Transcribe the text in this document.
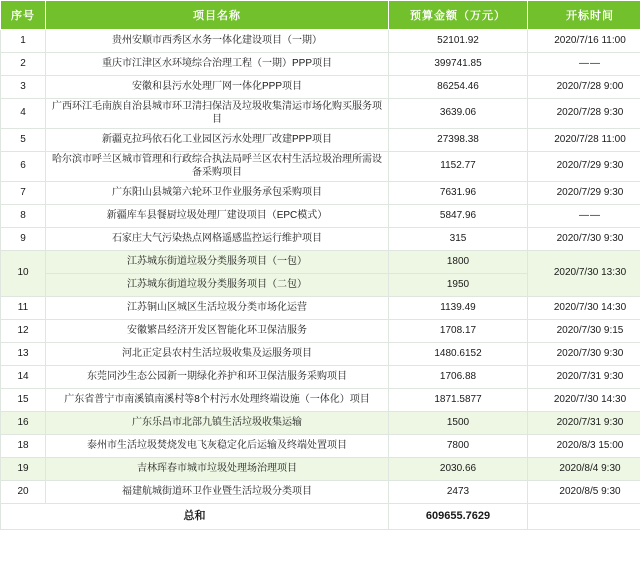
序号	项目名称	预算金额（万元）	开标时间
1	贵州安顺市西秀区水务一体化建设项目（一期）	52101.92	2020/7/16 11:00
2	重庆市江津区水环境综合治理工程（一期）PPP项目	399741.85	——
3	安徽和县污水处理厂网一体化PPP项目	86254.46	2020/7/28 9:00
4	广西环江毛南族自治县城市环卫清扫保洁及垃圾收集清运市场化购买服务项目	3639.06	2020/7/28 9:30
5	新疆克拉玛依石化工业园区污水处理厂改建PPP项目	27398.38	2020/7/28 11:00
6	哈尔滨市呼兰区城市管理和行政综合执法局呼兰区农村生活垃圾治理所需设备采购项目	1152.77	2020/7/29 9:30
7	广东阳山县城第六轮环卫作业服务承包采购项目	7631.96	2020/7/29 9:30
8	新疆库车县餐厨垃圾处理厂建设项目（EPC模式）	5847.96	——
9	石家庄大气污染热点网格遥感监控运行维护项目	315	2020/7/30 9:30
10	江苏城东街道垃圾分类服务项目（一包）	1800	2020/7/30 13:30
	江苏城东街道垃圾分类服务项目（二包）	1950	
11	江苏铜山区城区生活垃圾分类市场化运营	1139.49	2020/7/30 14:30
12	安徽繁昌经济开发区智能化环卫保洁服务	1708.17	2020/7/30 9:15
13	河北正定县农村生活垃圾收集及运服务项目	1480.6152	2020/7/30 9:30
14	东莞同沙生态公园新一期绿化养护和环卫保洁服务采购项目	1706.88	2020/7/31 9:30
15	广东省普宁市南溪镇南溪村等8个村污水处理终端设施（一体化）项目	1871.5877	2020/7/30 14:30
16	广东乐昌市北部九镇生活垃圾收集运输	1500	2020/7/31 9:30
18	泰州市生活垃圾焚烧发电飞灰稳定化后运输及终端处置项目	7800	2020/8/3 15:00
19	吉林珲春市城市垃圾处理场治理项目	2030.66	2020/8/4 9:30
20	福建航城街道环卫作业暨生活垃圾分类项目	2473	2020/8/5 9:30
总和		609655.7629	
